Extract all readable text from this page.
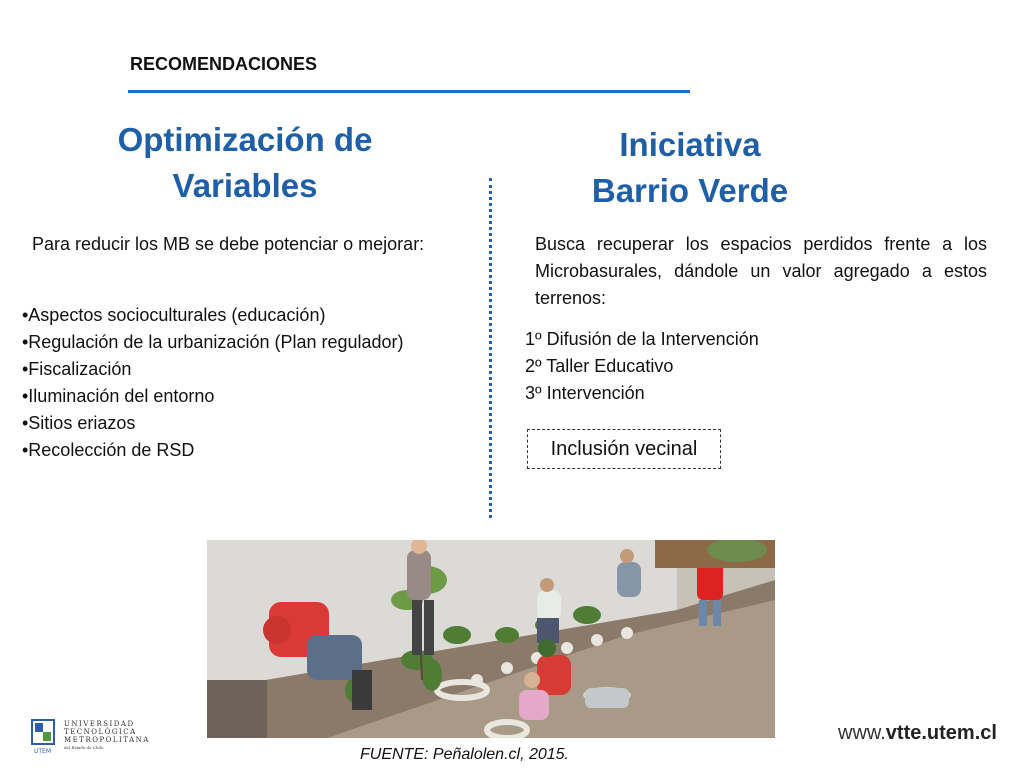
RECOMENDACIONES
Optimización de
Variables
Iniciativa
Barrio Verde
Para reducir los MB se debe potenciar o mejorar:
•Aspectos socioculturales (educación)
•Regulación de la urbanización (Plan regulador)
•Fiscalización
•Iluminación del entorno
•Sitios eriazos
•Recolección de RSD
Busca recuperar los espacios perdidos frente a los Microbasurales, dándole un valor agregado a estos terrenos:
1º Difusión de la Intervención
2º Taller Educativo
3º Intervención
Inclusión vecinal
FUENTE: Peñalolen.cl, 2015.
UTEM
UNIVERSIDAD
TECNOLÓGICA
METROPOLITANA
del Estado de Chile
www.vtte.utem.cl
